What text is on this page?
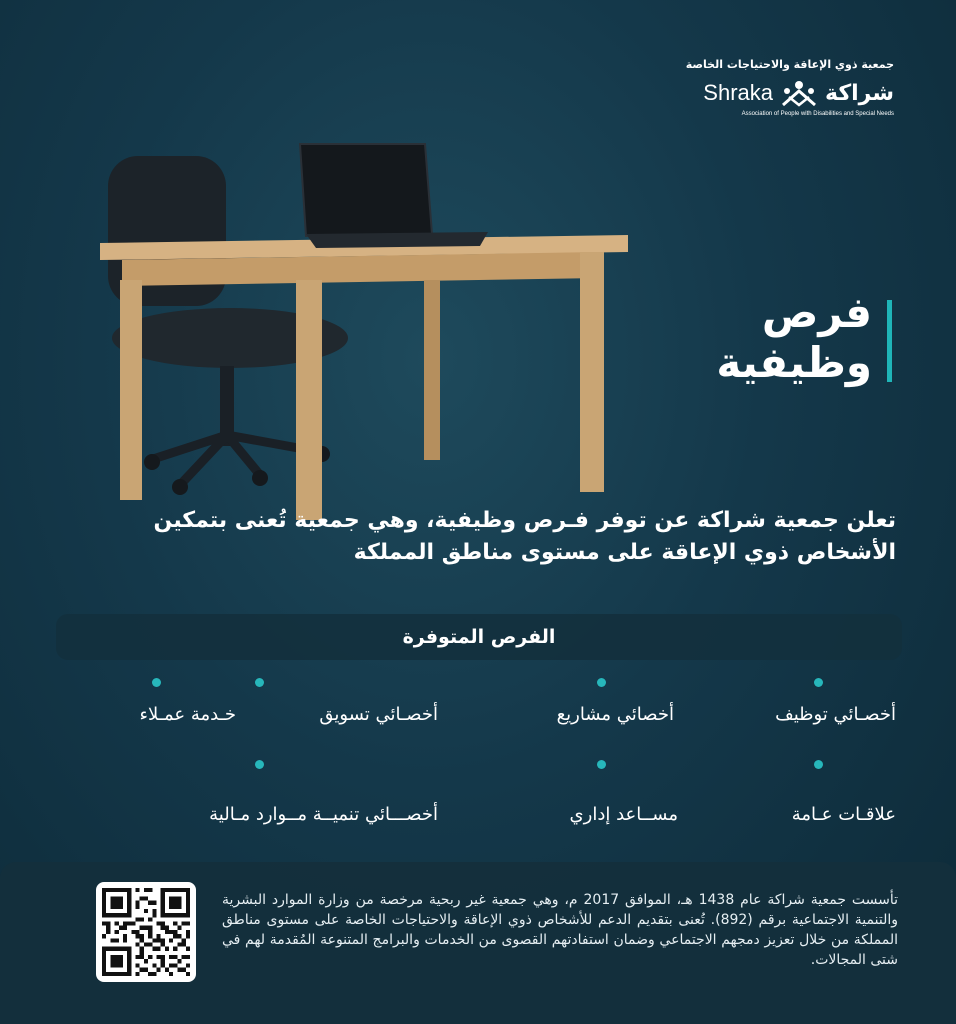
جمعية ذوي الإعاقة والاحتياجات الخاصة
Shraka شراكة
Association of People with Disabilities and Special Needs
فرص
وظيفية
تعلن جمعية شراكة عن توفر فـرص وظيفية، وهي جمعية تُعنى بتمكين
الأشخاص ذوي الإعاقة على مستوى مناطق المملكة
الفرص المتوفرة
أخصـائي توظيف
أخصائي مشاريع
أخصـائي تسويق
خـدمة عمـلاء
علاقـات عـامة
مســاعد إداري
أخصـــائي تنميــة مــوارد مـالية
تأسست جمعية شراكة عام 1438 هـ، الموافق 2017 م، وهي جمعية غير ربحية مرخصة من وزارة الموارد البشرية والتنمية الاجتماعية برقم (892). تُعنى بتقديم الدعم للأشخاص ذوي الإعاقة والاحتياجات الخاصة على مستوى مناطق المملكة من خلال تعزيز دمجهم الاجتماعي وضمان استفادتهم القصوى من الخدمات والبرامج المتنوعة المُقدمة لهم في شتى المجالات.
